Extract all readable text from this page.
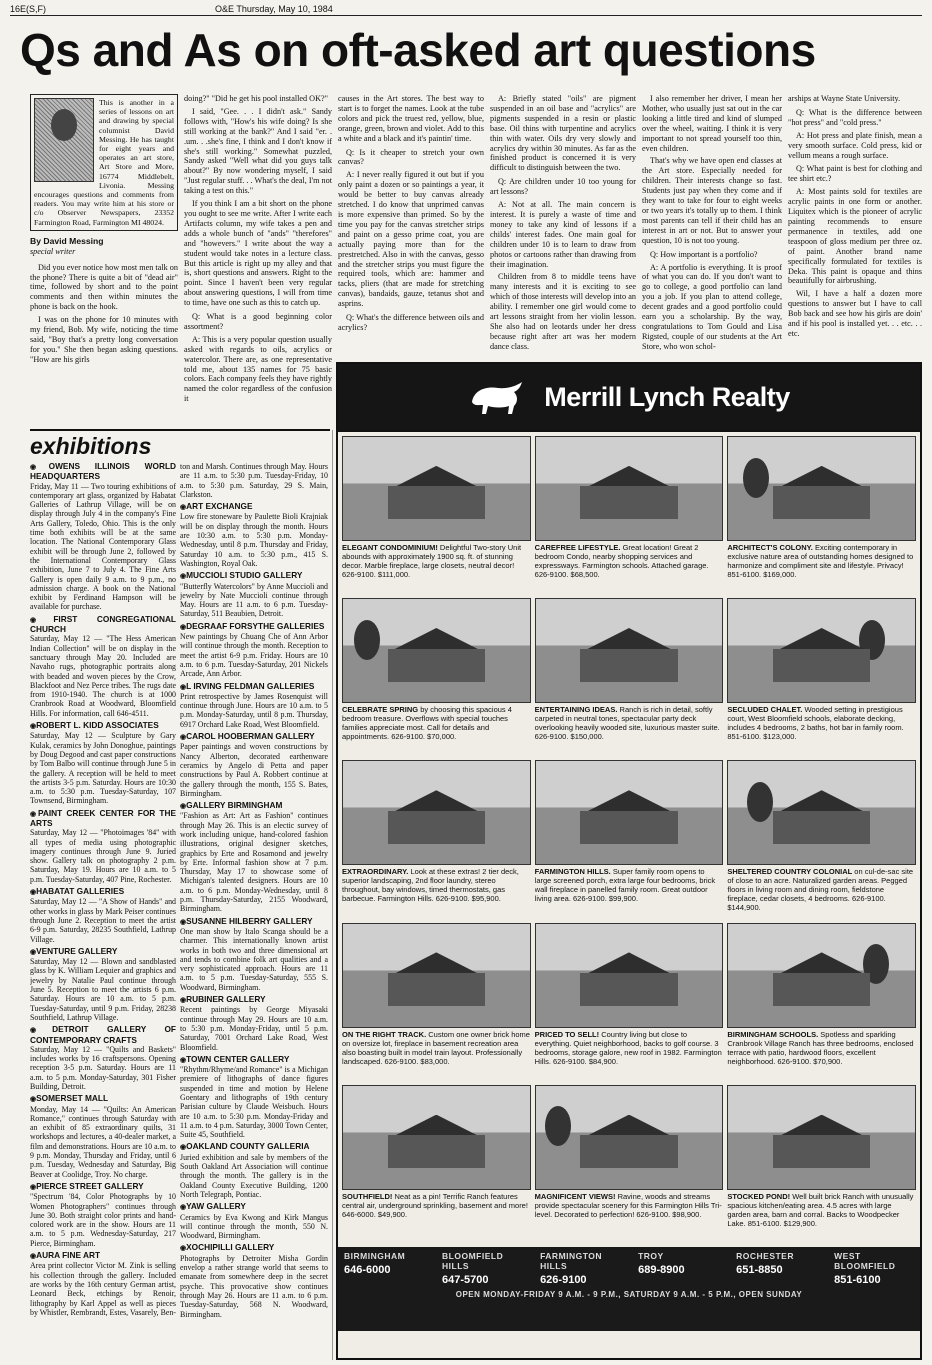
16E(S,F)	O&E Thursday, May 10, 1984
Qs and As on oft-asked art questions
This is another in a series of lessons on art and drawing by special columnist David Messing. He has taught for eight years and operates an art store, Art Store and More, 16774 Middlebelt, Livonia. Messing encourages questions and comments from readers. You may write him at his store or c/o Observer Newspapers, 23352 Farmington Road, Farmington MI 48024.

By David Messing

special writer

Did you ever notice how most men talk on the phone? There is quite a bit of "dead air" time, followed by short and to the point comments and then within minutes the phone is back on the hook.

I was on the phone for 10 minutes with my friend, Bob. My wife, noticing the time said, "Boy that's a pretty long conversation for you." She then began asking questions. "How are his girls

doing?" "Did he get his pool installed OK?"

I said, "Gee. . . I didn't ask." Sandy follows with, "How's his wife doing? Is she still working at the bank?" And I said "er. . .um. . .she's fine, I think and I don't know if she's still working." Somewhat puzzled, Sandy asked "Well what did you guys talk about?" By now wondering myself, I said "Just regular stuff. . . What's the deal, I'm not taking a test on this."

If you think I am a bit short on the phone you ought to see me write. After I write each Artifacts column, my wife takes a pen and adds a whole bunch of "ands" "therefores" and "howevers." I write about the way a student would take notes in a lecture class. But this article is right up my alley and that is, short questions and answers. Right to the point. Since I haven't been very regular about answering questions, I will from time to time, have one such as this to catch up.

Q: What is a good beginning color assortment?

A: This is a very popular question usually asked with regards to oils, acrylics or watercolor. There are, as one representative told me, about 135 names for 75 basic colors. Each company feels they have rightly named the color regardless of the confusion it

causes in the Art stores. The best way to start is to forget the names. Look at the tube colors and pick the truest red, yellow, blue, orange, green, brown and violet. Add to this a white and a black and it's paintin' time.

Q: Is it cheaper to stretch your own canvas?

A: I never really figured it out but if you only paint a dozen or so paintings a year, it would be better to buy canvas already stretched. I do know that unprimed canvas is more expensive than primed. So by the time you pay for the canvas stretcher strips and paint on a gesso prime coat, you are actually paying more than for the prestretched. Also in with the canvas, gesso and the stretcher strips you must figure the required tools, which are: hammer and tacks, pliers (that are made for stretching canvas), bandaids, gauze, tetanus shot and asprins.

Q: What's the difference between oils and acrylics?

A: Briefly stated "oils" are pigment suspended in an oil base and "acrylics" are pigments suspended in a resin or plastic base. Oil thins with turpentine and acrylics thin with water. Oils dry very slowly and acrylics dry within 30 minutes. As far as the finished product is concerned it is very difficult to distinguish between the two.

Q: Are children under 10 too young for art lessons?

A: Not at all. The main concern is interest. It is purely a waste of time and money to take any kind of lessons if a childs' interest fades. One main goal for children under 10 is to learn to draw from photos or cartoons rather than drawing from their imagination.

Children from 8 to middle teens have many interests and it is exciting to see which of those interests will develop into an ability. I remember one girl would come to art lessons straight from her violin lesson. She also had on leotards under her dress because right after art was her modern dance class.

I also remember her driver, I mean her Mother, who usually just sat out in the car looking a little tired and kind of slumped over the wheel, waiting. I think it is very important to not spread yourself too thin, even children.

That's why we have open end classes at the Art store. Especially needed for children. Their interests change so fast. Students just pay when they come and if they want to take for four to eight weeks or two years it's totally up to them. I think most parents can tell if their child has an interest in art or not. But to answer your question, 10 is not too young.

Q: How important is a portfolio?

A: A portfolio is everything. It is proof of what you can do. If you don't want to go to college, a good portfolio can land you a job. If you plan to attend college, decent grades and a good portfolio could earn you a scholarship. By the way, congratulations to Tom Gould and Lisa Rigsted, couple of our students at the Art Store, who won schol-

arships at Wayne State University.

Q: What is the difference between "hot press" and "cold press."

A: Hot press and plate finish, mean a very smooth surface. Cold press, kid or vellum means a rough surface.

Q: What paint is best for clothing and tee shirt etc.?

A: Most paints sold for textiles are acrylic paints in one form or another. Liquitex which is the pioneer of acrylic painting recommends to ensure permanence in textiles, add one teaspoon of gloss medium per three oz. of paint. Another brand name specifically formulated for textiles is Deka. This paint is opaque and thins beautifully for airbrushing.

Wil, I have a half a dozen more questions to answer but I have to call Bob back and see how his girls are doin' and if his pool is installed yet. . . etc. . . etc.

exhibitions
◉ OWENS ILLINOIS WORLD HEADQUARTERS
Friday, May 11 — Two touring exhibitions of contemporary art glass, organized by Habatat Galleries of Lathrup Village, will be on display through July 4 in the company's Fine Arts Gallery, Toledo, Ohio. This is the only time both exhibits will be at the same location. The National Contemporary Glass exhibit will be through June 2, followed by the International Contemporary Glass exhibition, June 7 to July 4. The Fine Arts Gallery is open daily 9 a.m. to 9 p.m., no admission charge. A book on the National exhibit by Ferdinand Hampson will be available for purchase.
◉ FIRST CONGREGATIONAL CHURCH
Saturday, May 12 — "The Hess American Indian Collection" will be on display in the sanctuary through May 20. Included are Navaho rugs, photographic portraits along with beaded and woven pieces by the Crow, Blackfoot and Nez Perce tribes. The rugs date from 1910-1940. The church is at 1000 Cranbrook Road at Woodward, Bloomfield Hills. For information, call 646-4511.
◉ ROBERT L. KIDD ASSOCIATES
Saturday, May 12 — Sculpture by Gary Kulak, ceramics by John Donoghue, paintings by Doug Degood and cast paper constructions by Tom Balbo will continue through June 5 in the gallery. A reception will be held to meet the artists 3-5 p.m. Saturday. Hours are 10:30 a.m. to 5:30 p.m. Tuesday-Saturday, 107 Townsend, Birmingham.
◉ PAINT CREEK CENTER FOR THE ARTS
Saturday, May 12 — "Photoimages '84" with all types of media using photographic imagery continues through June 9. Juried show. Gallery talk on photography 2 p.m. Saturday, May 19. Hours are 10 a.m. to 5 p.m. Tuesday-Saturday, 407 Pine, Rochester.
◉ HABATAT GALLERIES
Saturday, May 12 — "A Show of Hands" and other works in glass by Mark Peiser continues through June 2. Reception to meet the artist 6-9 p.m. Saturday, 28235 Southfield, Lathrup Village.
◉ VENTURE GALLERY
Saturday, May 12 — Blown and sandblasted glass by K. William Lequier and graphics and jewelry by Natalie Paul continue through June 5. Reception to meet the artists 6 p.m. Saturday. Hours are 10 a.m. to 5 p.m. Tuesday-Saturday, until 9 p.m. Friday, 28238 Southfield, Lathrup Village.
◉ DETROIT GALLERY OF CONTEMPORARY CRAFTS
Saturday, May 12 — "Quilts and Baskets" includes works by 16 craftspersons. Opening reception 3-5 p.m. Saturday. Hours are 11 a.m. to 5 p.m. Monday-Saturday, 301 Fisher Building, Detroit.
◉ SOMERSET MALL
Monday, May 14 — "Quilts: An American Romance," continues through Saturday with an exhibit of 85 extraordinary quilts, 31 workshops and lectures, a 40-dealer market, a film and demonstrations. Hours are 10 a.m. to 9 p.m. Monday, Thursday and Friday, until 6 p.m. Tuesday, Wednesday and Saturday, Big Beaver at Coolidge, Troy. No charge.
◉ PIERCE STREET GALLERY
"Spectrum '84, Color Photographs by 10 Women Photographers" continues through June 30. Both straight color prints and hand-colored work are in the show. Hours are 11 a.m. to 5 p.m. Wednesday-Saturday, 217 Pierce, Birmingham.
◉ AURA FINE ART
Area print collector Victor M. Zink is selling his collection through the gallery. Included are works by the 16th century German artist, Leonard Beck, etchings by Renoir, lithography by Karl Appel as well as pieces by Whistler, Rembrandt, Estes, Vasarely, Ben-
ton and Marsh. Continues through May. Hours are 11 a.m. to 5:30 p.m. Tuesday-Friday, 10 a.m. to 5:30 p.m. Saturday, 29 S. Main, Clarkston.
◉ ART EXCHANGE
Low fire stoneware by Paulette Bioli Krajniak will be on display through the month. Hours are 10:30 a.m. to 5:30 p.m. Monday-Wednesday, until 8 p.m. Thursday and Friday, Saturday 10 a.m. to 5:30 p.m., 415 S. Washington, Royal Oak.
◉ MUCCIOLI STUDIO GALLERY
"Butterfly Watercolors" by Anne Muccioli and jewelry by Nate Muccioli continue through May. Hours are 11 a.m. to 6 p.m. Tuesday-Saturday, 511 Beaubien, Detroit.
◉ DEGRAAF FORSYTHE GALLERIES
New paintings by Chuang Che of Ann Arbor will continue through the month. Reception to meet the artist 6-9 p.m. Friday. Hours are 10 a.m. to 6 p.m. Tuesday-Saturday, 201 Nickels Arcade, Ann Arbor.
◉ L IRVING FELDMAN GALLERIES
Print retrospective by James Rosenquist will continue through June. Hours are 10 a.m. to 5 p.m. Monday-Saturday, until 8 p.m. Thursday, 6917 Orchard Lake Road, West Bloomfield.
◉ CAROL HOOBERMAN GALLERY
Paper paintings and woven constructions by Nancy Alberton, decorated earthenware ceramics by Angelo di Petta and paper constructions by Paul A. Robbert continue at the gallery through the month, 155 S. Bates, Birmingham.
◉ GALLERY BIRMINGHAM
"Fashion as Art: Art as Fashion" continues through May 26. This is an electic survey of work including unique, hand-colored fashion illustrations, original designer sketches, graphics by Erte and Rosamond and jewelry by Erte. Informal fashion show at 7 p.m. Thursday, May 17 to showcase some of Michigan's talented designers. Hours are 10 a.m. to 6 p.m. Monday-Wednesday, until 8 p.m. Thursday-Saturday, 2155 Woodward, Birmingham.
◉ SUSANNE HILBERRY GALLERY
One man show by Italo Scanga should be a charmer. This internationally known artist works in both two and three dimensional art and tends to combine folk art qualities and a very sophisticated approach. Hours are 11 a.m. to 5 p.m. Tuesday-Saturday, 555 S. Woodward, Birmingham.
◉ RUBINER GALLERY
Recent paintings by George Miyasaki continue through May 29. Hours are 10 a.m. to 5:30 p.m. Monday-Friday, until 5 p.m. Saturday, 7001 Orchard Lake Road, West Bloomfield.
◉ TOWN CENTER GALLERY
"Rhythm/Rhyme/and Romance" is a Michigan premiere of lithographs of dance figures suspended in time and motion by Helene Goentary and lithographs of 19th century Parisian culture by Claude Weisbuch. Hours are 10 a.m. to 5:30 p.m. Monday-Friday and 11 a.m. to 4 p.m. Saturday, 3000 Town Center, Suite 45, Southfield.
◉ OAKLAND COUNTY GALLERIA
Juried exhibition and sale by members of the South Oakland Art Association will continue through the month. The gallery is in the Oakland County Executive Building, 1200 North Telegraph, Pontiac.
◉ YAW GALLERY
Ceramics by Eva Kwong and Kirk Mangus will continue through the month, 550 N. Woodward, Birmingham.
◉ XOCHIPILLI GALLERY
Photographs by Detroiter Misha Gordin envelop a rather strange world that seems to emanate from somewhere deep in the secret psyche. This provocative show continues through May 26. Hours are 11 a.m. to 6 p.m. Tuesday-Saturday, 568 N. Woodward, Birmingham.
Merrill Lynch Realty
ELEGANT CONDOMINIUM! Delightful Two-story Unit abounds with approximately 1900 sq. ft. of stunning decor. Marble fireplace, large closets, neutral decor! 626-9100. $111,000.
CAREFREE LIFESTYLE. Great location! Great 2 bedroom Condo, nearby shopping services and expressways. Farmington schools. Attached garage. 626-9100. $68,500.
ARCHITECT'S COLONY. Exciting contemporary in exclusive nature area of outstanding homes designed to harmonize and compliment site and lifestyle. Privacy! 851-6100. $169,000.
CELEBRATE SPRING by choosing this spacious 4 bedroom treasure. Overflows with special touches families appreciate most. Call for details and appointments. 626-9100. $70,000.
ENTERTAINING IDEAS. Ranch is rich in detail, softly carpeted in neutral tones, spectacular party deck overlooking heavily wooded site, luxurious master suite. 626-9100. $150,000.
SECLUDED CHALET. Wooded setting in prestigious court, West Bloomfield schools, elaborate decking, includes 4 bedrooms, 2 baths, hot bar in family room. 851-6100. $123,000.
EXTRAORDINARY. Look at these extras! 2 tier deck, superior landscaping, 2nd floor laundry, stereo throughout, bay windows, timed thermostats, gas barbecue. Farmington Hills. 626-9100. $95,900.
FARMINGTON HILLS. Super family room opens to large screened porch, extra large four bedrooms, brick wall fireplace in panelled family room. Great outdoor living area. 626-9100. $99,900.
SHELTERED COUNTRY COLONIAL on cul-de-sac site of close to an acre. Naturalized garden areas. Pegged floors in living room and dining room, fieldstone fireplace, cedar closets, 4 bedrooms. 626-9100. $144,900.
ON THE RIGHT TRACK. Custom one owner brick home on oversize lot, fireplace in basement recreation area also boasting built in model train layout. Professionally landscaped. 626-9100. $83,000.
PRICED TO SELL! Country living but close to everything. Quiet neighborhood, backs to golf course. 3 bedrooms, storage galore, new roof in 1982. Farmington Hills. 626-9100. $84,900.
BIRMINGHAM SCHOOLS. Spotless and sparkling Cranbrook Village Ranch has three bedrooms, enclosed terrace with patio, hardwood floors, excellent neighborhood. 626-9100. $70,900.
SOUTHFIELD! Neat as a pin! Terrific Ranch features central air, underground sprinkling, basement and more! 646-6000. $49,900.
MAGNIFICENT VIEWS! Ravine, woods and streams provide spectacular scenery for this Farmington Hills Tri-level. Decorated to perfection! 626-9100. $98,900.
STOCKED POND! Well built brick Ranch with unusually spacious kitchen/eating area. 4.5 acres with large garden area, barn and corral. Backs to Woodpecker Lake. 851-6100. $129,900.
BIRMINGHAM
646-6000
BLOOMFIELD HILLS
647-5700
FARMINGTON HILLS
626-9100
TROY
689-8900
ROCHESTER
651-8850
WEST BLOOMFIELD
851-6100
OPEN MONDAY-FRIDAY 9 A.M. - 9 P.M., SATURDAY 9 A.M. - 5 P.M., OPEN SUNDAY
